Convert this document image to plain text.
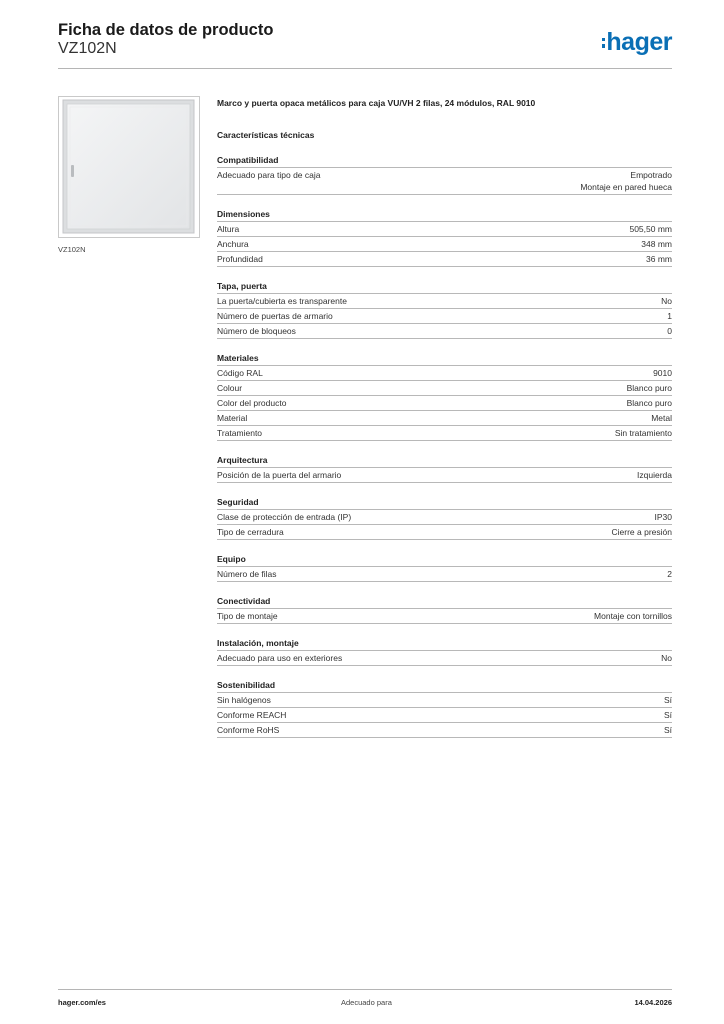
Ficha de datos de producto
VZ102N	hager
VZ102N
Marco y puerta opaca metálicos para caja VU/VH 2 filas, 24 módulos, RAL 9010
Características técnicas
Compatibilidad
Adecuado para tipo de caja	Empotrado
Montaje en pared hueca
Dimensiones
Altura	505,50 mm
Anchura	348 mm
Profundidad	36 mm
Tapa, puerta
La puerta/cubierta es transparente	No
Número de puertas de armario	1
Número de bloqueos	0
Materiales
Código RAL	9010
Colour	Blanco puro
Color del producto	Blanco puro
Material	Metal
Tratamiento	Sin tratamiento
Arquitectura
Posición de la puerta del armario	Izquierda
Seguridad
Clase de protección de entrada (IP)	IP30
Tipo de cerradura	Cierre a presión
Equipo
Número de filas	2
Conectividad
Tipo de montaje	Montaje con tornillos
Instalación, montaje
Adecuado para uso en exteriores	No
Sostenibilidad
Sin halógenos	Sí
Conforme REACH	Sí
Conforme RoHS	Sí
hager.com/es	Adecuado para	14.04.2026
